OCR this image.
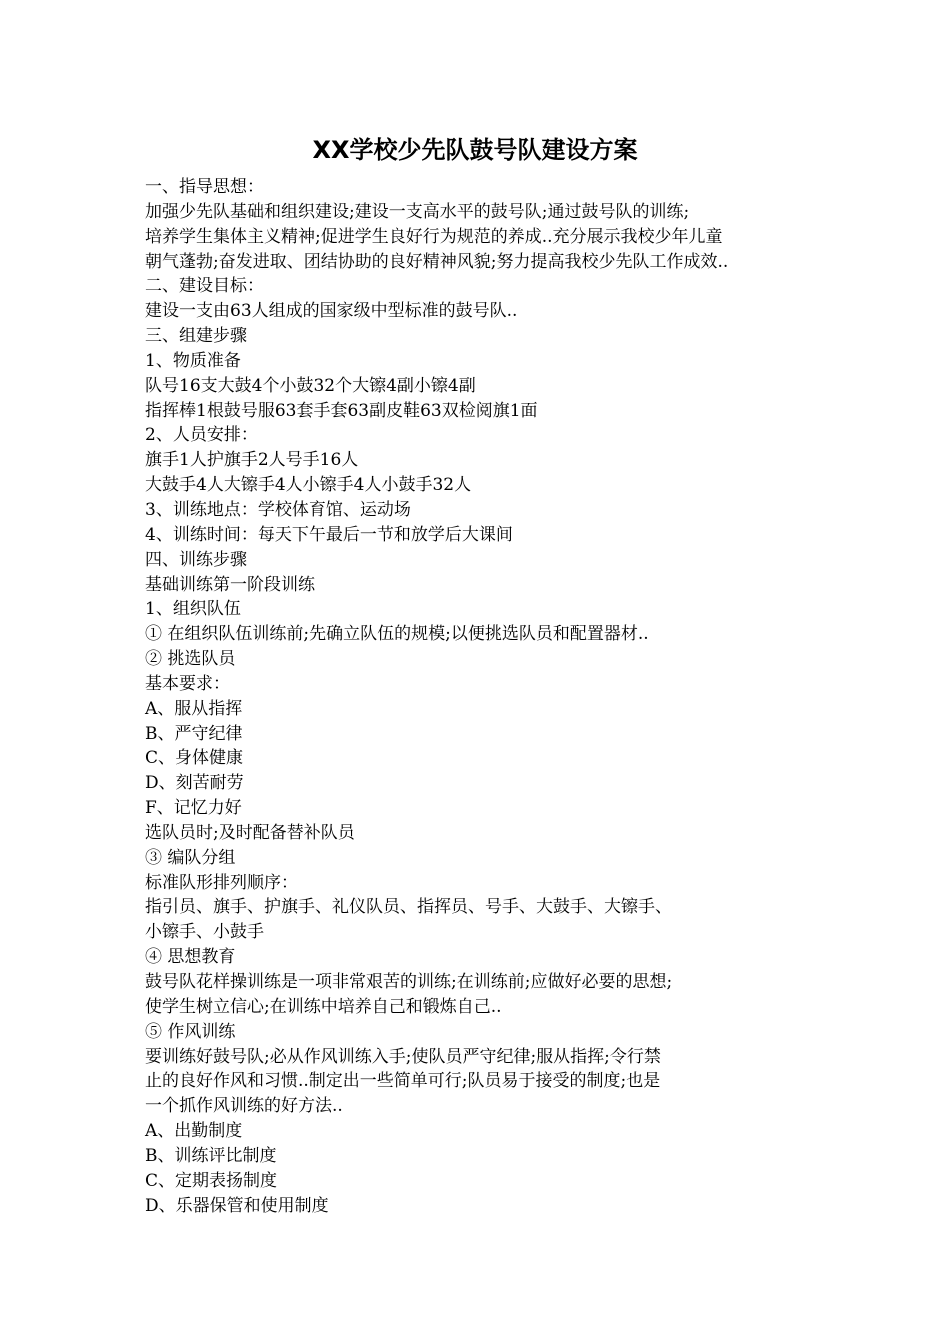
XX学校少先队鼓号队建设方案
一、指导思想：
加强少先队基础和组织建设;建设一支高水平的鼓号队;通过鼓号队的训练;
培养学生集体主义精神;促进学生良好行为规范的养成..充分展示我校少年儿童
朝气蓬勃;奋发进取、团结协助的良好精神风貌;努力提高我校少先队工作成效..
二、建设目标：
建设一支由63人组成的国家级中型标准的鼓号队..
三、组建步骤
1、物质准备
队号16支大鼓4个小鼓32个大镲4副小镲4副
指挥棒1根鼓号服63套手套63副皮鞋63双检阅旗1面
2、人员安排：
旗手1人护旗手2人号手16人
大鼓手4人大镲手4人小镲手4人小鼓手32人
3、训练地点：学校体育馆、运动场
4、训练时间：每天下午最后一节和放学后大课间
四、训练步骤
基础训练第一阶段训练
1、组织队伍
① 在组织队伍训练前;先确立队伍的规模;以便挑选队员和配置器材..
② 挑选队员
基本要求：
A、服从指挥
B、严守纪律
C、身体健康
D、刻苦耐劳
F、记忆力好
选队员时;及时配备替补队员
③ 编队分组
标准队形排列顺序：
指引员、旗手、护旗手、礼仪队员、指挥员、号手、大鼓手、大镲手、
小镲手、小鼓手
④ 思想教育
鼓号队花样操训练是一项非常艰苦的训练;在训练前;应做好必要的思想;
使学生树立信心;在训练中培养自己和锻炼自己..
⑤ 作风训练
要训练好鼓号队;必从作风训练入手;使队员严守纪律;服从指挥;令行禁
止的良好作风和习惯..制定出一些简单可行;队员易于接受的制度;也是
一个抓作风训练的好方法..
A、出勤制度
B、训练评比制度
C、定期表扬制度
D、乐器保管和使用制度
